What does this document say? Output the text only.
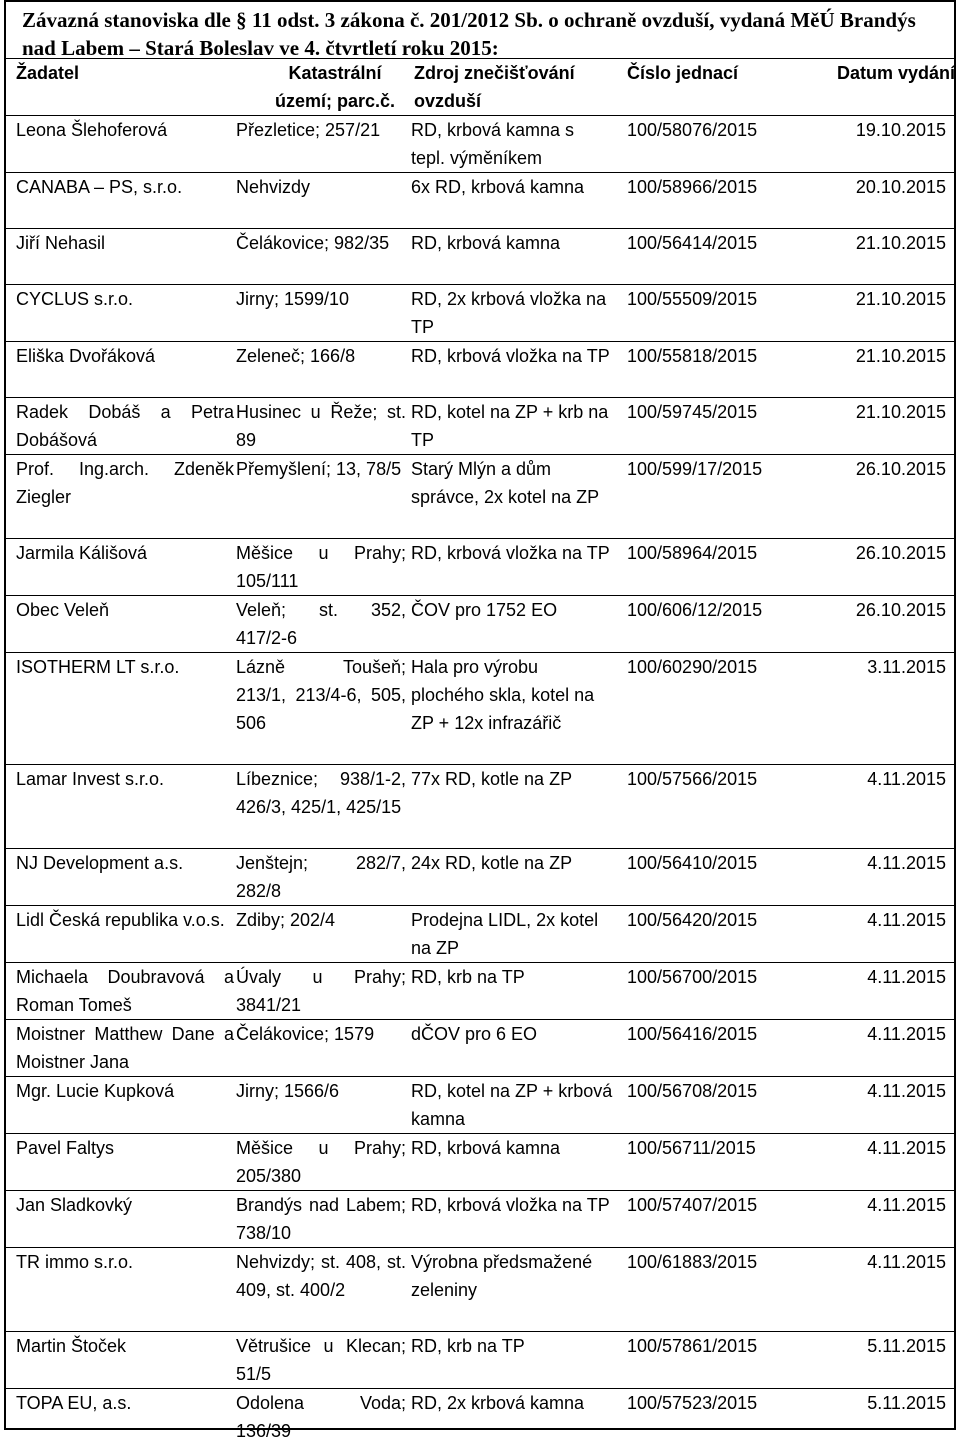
Závazná stanoviska dle § 11 odst. 3 zákona č. 201/2012 Sb. o ochraně ovzduší, vydaná MěÚ Brandýs nad Labem – Stará Boleslav ve 4. čtvrtletí roku 2015:
Žadatel	Katastrální území; parc.č.	Zdroj znečišťování ovzduší	Číslo jednací	Datum vydání
Leona Šlehoferová	Přezletice; 257/21	RD, krbová kamna s tepl. výměníkem	100/58076/2015	19.10.2015
CANABA – PS, s.r.o.	Nehvizdy	6x RD, krbová kamna	100/58966/2015	20.10.2015
Jiří Nehasil	Čelákovice; 982/35	RD, krbová kamna	100/56414/2015	21.10.2015
CYCLUS s.r.o.	Jirny; 1599/10	RD, 2x krbová vložka na TP	100/55509/2015	21.10.2015
Eliška Dvořáková	Zeleneč; 166/8	RD, krbová vložka na TP	100/55818/2015	21.10.2015
Radek Dobáš a Petra Dobášová	Husinec u Řeže; st. 89	RD, kotel na ZP + krb na TP	100/59745/2015	21.10.2015
Prof. Ing.arch. Zdeněk Ziegler	Přemyšlení; 13, 78/5	Starý Mlýn a dům správce, 2x kotel na ZP	100/599/17/2015	26.10.2015
Jarmila Kálišová	Měšice u Prahy; 105/111	RD, krbová vložka na TP	100/58964/2015	26.10.2015
Obec Veleň	Veleň; st. 352, 417/2-6	ČOV pro 1752 EO	100/606/12/2015	26.10.2015
ISOTHERM LT s.r.o.	Lázně Toušeň; 213/1, 213/4-6, 505, 506	Hala pro výrobu plochého skla, kotel na ZP + 12x infrazářič	100/60290/2015	3.11.2015
Lamar Invest s.r.o.	Líbeznice; 938/1-2, 426/3, 425/1, 425/15	77x RD, kotle na ZP	100/57566/2015	4.11.2015
NJ Development a.s.	Jenštejn; 282/7, 282/8	24x RD, kotle na ZP	100/56410/2015	4.11.2015
Lidl Česká republika v.o.s.	Zdiby; 202/4	Prodejna LIDL, 2x kotel na ZP	100/56420/2015	4.11.2015
Michaela Doubravová a Roman Tomeš	Úvaly u Prahy; 3841/21	RD, krb na TP	100/56700/2015	4.11.2015
Moistner Matthew Dane a Moistner Jana	Čelákovice; 1579	dČOV pro 6 EO	100/56416/2015	4.11.2015
Mgr. Lucie Kupková	Jirny; 1566/6	RD, kotel na ZP + krbová kamna	100/56708/2015	4.11.2015
Pavel Faltys	Měšice u Prahy; 205/380	RD, krbová kamna	100/56711/2015	4.11.2015
Jan Sladkovký	Brandýs nad Labem; 738/10	RD, krbová vložka na TP	100/57407/2015	4.11.2015
TR immo s.r.o.	Nehvizdy; st. 408, st. 409, st. 400/2	Výrobna předsmažené zeleniny	100/61883/2015	4.11.2015
Martin Štoček	Větrušice u Klecan; 51/5	RD, krb na TP	100/57861/2015	5.11.2015
TOPA EU, a.s.	Odolena Voda; 136/39	RD, 2x krbová kamna	100/57523/2015	5.11.2015
